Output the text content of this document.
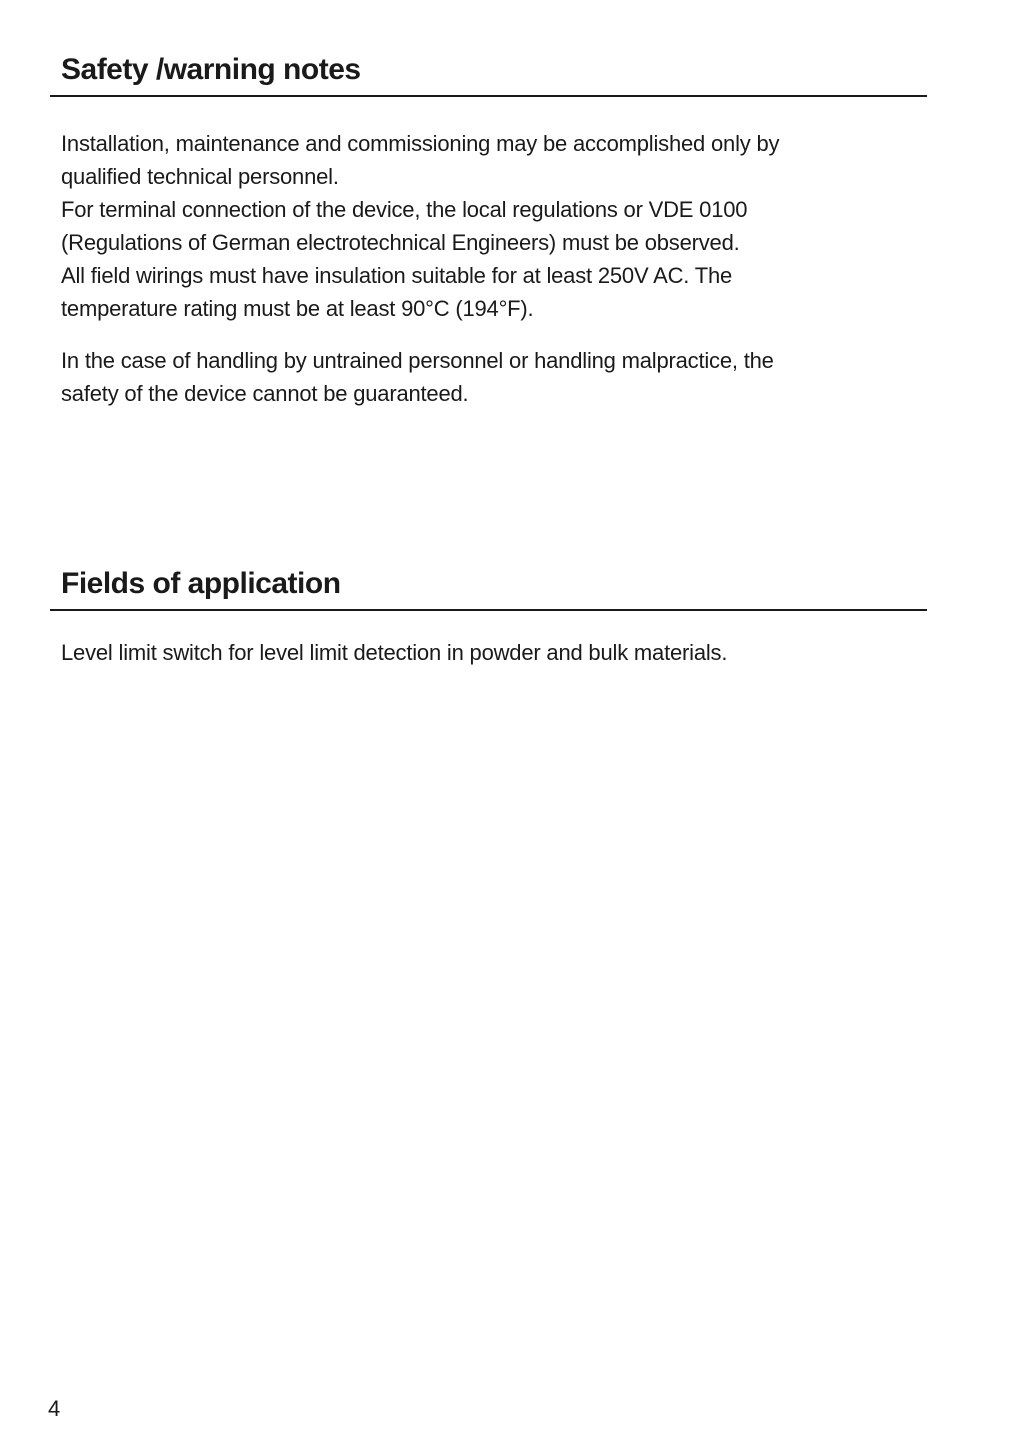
Safety /warning notes

Installation, maintenance and commissioning may be accomplished only by
qualified technical personnel.
For terminal connection of the device, the local regulations or VDE 0100
(Regulations of German electrotechnical Engineers) must be observed.
All field wirings must have insulation suitable for at least 250V AC. The
temperature rating must be at least 90°C (194°F).

In the case of handling by untrained personnel or handling malpractice, the
safety of the device cannot be guaranteed.

Fields of application

Level limit switch for level limit detection in powder and bulk materials.

4
